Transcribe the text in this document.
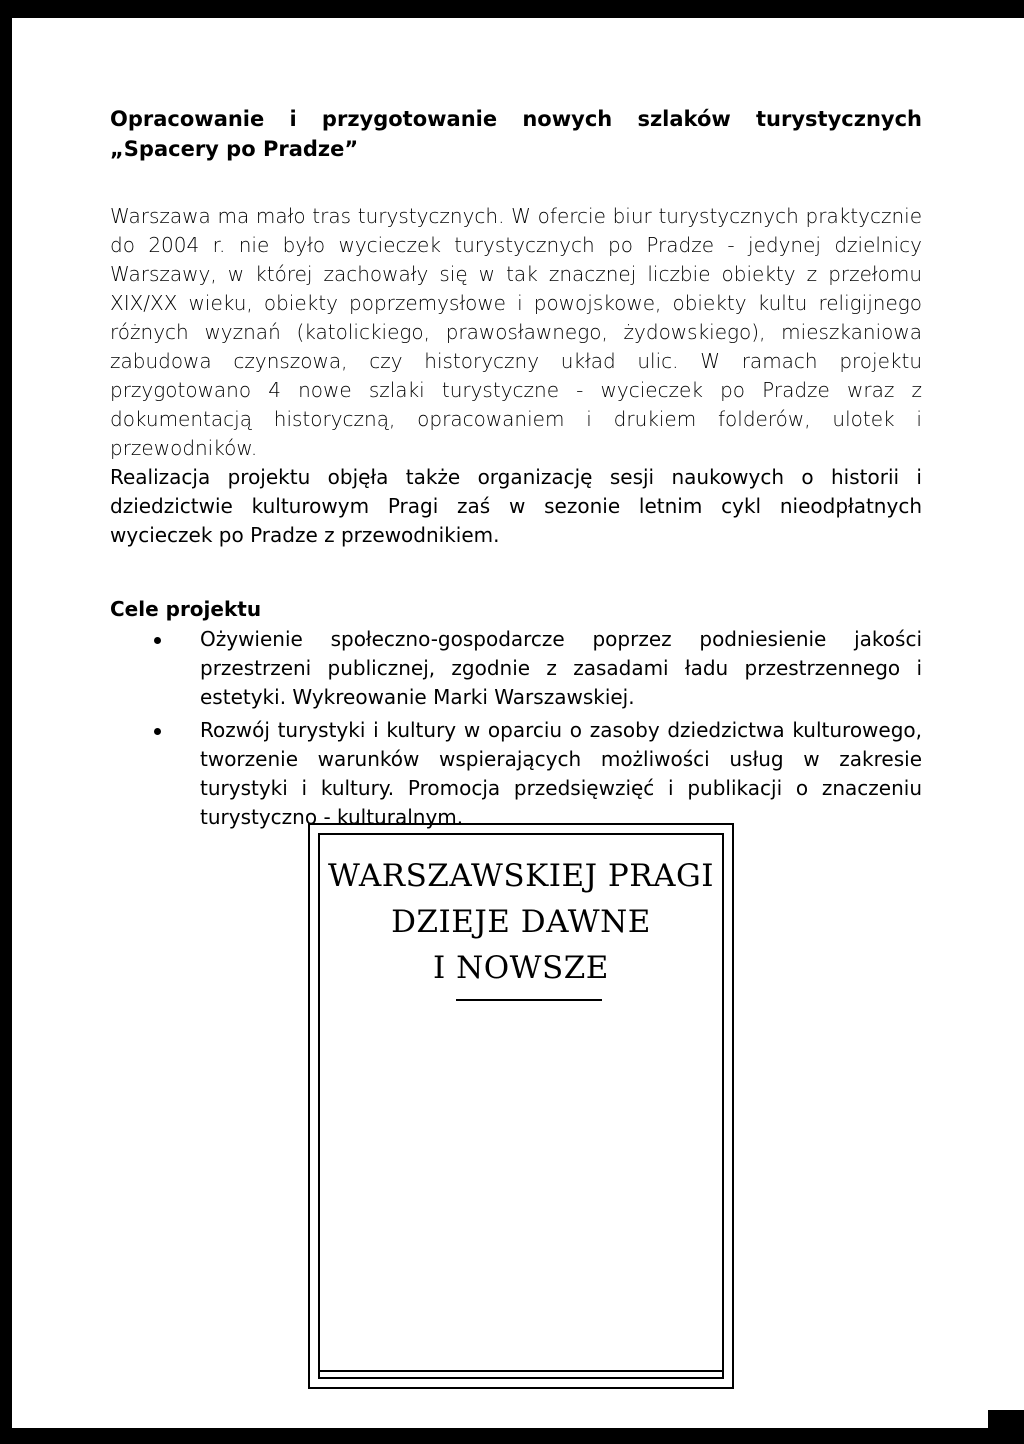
Opracowanie i przygotowanie nowych szlaków turystycznych

„Spacery po Pradze”

Warszawa ma mało tras turystycznych. W ofercie biur turystycznych praktycznie do 2004 r. nie było wycieczek turystycznych po Pradze - jedynej dzielnicy Warszawy, w której zachowały się w tak znacznej liczbie obiekty z przełomu XIX/XX wieku, obiekty poprzemysłowe i powojskowe, obiekty kultu religijnego różnych wyznań (katolickiego, prawosławnego, żydowskiego), mieszkaniowa zabudowa czynszowa, czy historyczny układ ulic. W ramach projektu przygotowano 4 nowe szlaki turystyczne - wycieczek po Pradze wraz z dokumentacją historyczną, opracowaniem i drukiem folderów, ulotek i przewodników.

Realizacja projektu objęła także organizację sesji naukowych o historii i dziedzictwie kulturowym Pragi zaś w sezonie letnim cykl nieodpłatnych wycieczek po Pradze z przewodnikiem.

Cele projektu

Ożywienie społeczno-gospodarcze poprzez podniesienie jakości przestrzeni publicznej, zgodnie z zasadami ładu przestrzennego i estetyki. Wykreowanie Marki Warszawskiej.
Rozwój turystyki i kultury w oparciu o zasoby dziedzictwa kulturowego, tworzenie warunków wspierających możliwości usług w zakresie turystyki i kultury. Promocja przedsięwzięć i publikacji o znaczeniu turystyczno - kulturalnym.
WARSZAWSKIEJ PRAGI
DZIEJE DAWNE
I NOWSZE
